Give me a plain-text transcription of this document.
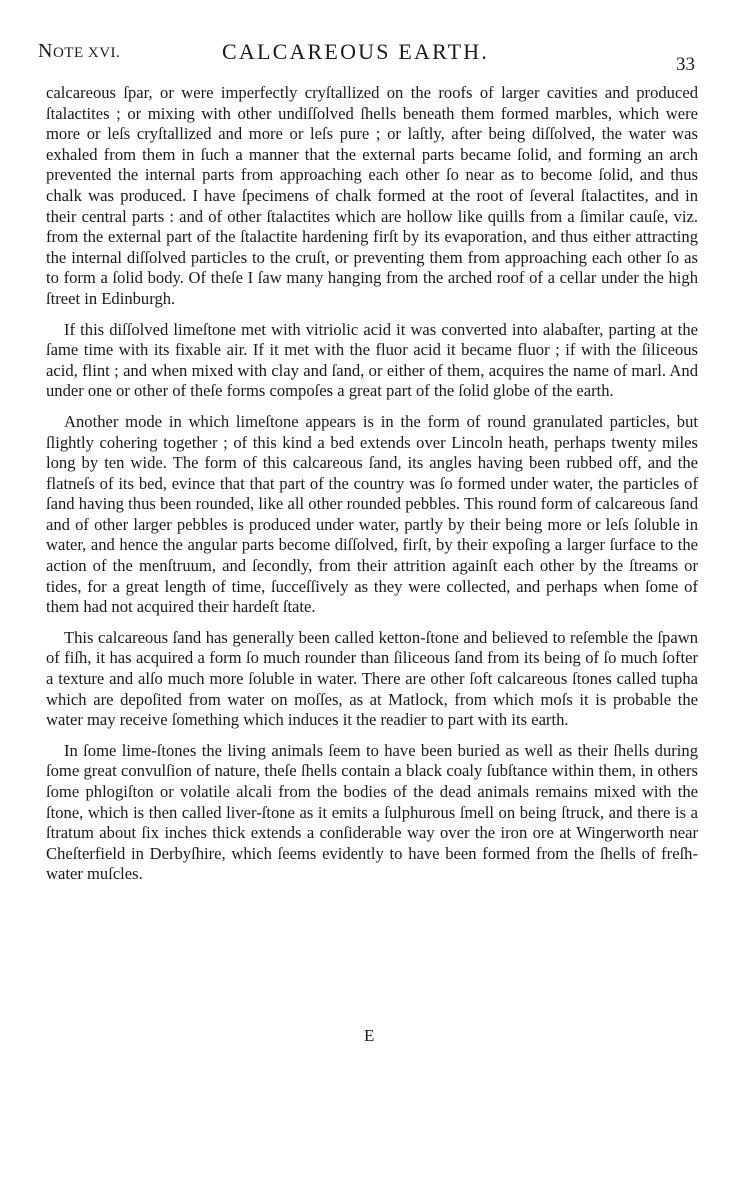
NOTE XVI.	CALCAREOUS EARTH.
33

calcareous ſpar, or were imperfectly cryſtallized on the roofs of larger cavities and produced ſtalactites ; or mixing with other undiſſolved ſhells beneath them formed marbles, which were more or leſs cryſtallized and more or leſs pure ; or laſtly, after being diſſolved, the water was exhaled from them in ſuch a manner that the external parts became ſolid, and forming an arch prevented the internal parts from approaching each other ſo near as to become ſolid, and thus chalk was produced. I have ſpecimens of chalk formed at the root of ſeveral ſtalactites, and in their central parts : and of other ſtalactites which are hollow like quills from a ſimilar cauſe, viz. from the external part of the ſtalactite hardening firſt by its evaporation, and thus either attracting the internal diſſolved particles to the cruſt, or preventing them from approaching each other ſo as to form a ſolid body. Of theſe I ſaw many hanging from the arched roof of a cellar under the high ſtreet in Edinburgh.

If this diſſolved limeſtone met with vitriolic acid it was converted into alabaſter, parting at the ſame time with its fixable air. If it met with the fluor acid it became fluor ; if with the ſiliceous acid, flint ; and when mixed with clay and ſand, or either of them, acquires the name of marl. And under one or other of theſe forms compoſes a great part of the ſolid globe of the earth.

Another mode in which limeſtone appears is in the form of round granulated particles, but ſlightly cohering together ; of this kind a bed extends over Lincoln heath, perhaps twenty miles long by ten wide. The form of this calcareous ſand, its angles having been rubbed off, and the flatneſs of its bed, evince that that part of the country was ſo formed under water, the particles of ſand having thus been rounded, like all other rounded pebbles. This round form of calcareous ſand and of other larger pebbles is produced under water, partly by their being more or leſs ſoluble in water, and hence the angular parts become diſſolved, firſt, by their expoſing a larger ſurface to the action of the menſtruum, and ſecondly, from their attrition againſt each other by the ſtreams or tides, for a great length of time, ſucceſſively as they were collected, and perhaps when ſome of them had not acquired their hardeſt ſtate.

This calcareous ſand has generally been called ketton-ſtone and believed to reſemble the ſpawn of fiſh, it has acquired a form ſo much rounder than ſiliceous ſand from its being of ſo much ſofter a texture and alſo much more ſoluble in water. There are other ſoft calcareous ſtones called tupha which are depoſited from water on moſſes, as at Matlock, from which moſs it is probable the water may receive ſomething which induces it the readier to part with its earth.

In ſome lime-ſtones the living animals ſeem to have been buried as well as their ſhells during ſome great convulſion of nature, theſe ſhells contain a black coaly ſubſtance within them, in others ſome phlogiſton or volatile alcali from the bodies of the dead animals remains mixed with the ſtone, which is then called liver-ſtone as it emits a ſulphurous ſmell on being ſtruck, and there is a ſtratum about ſix inches thick extends a conſiderable way over the iron ore at Wingerworth near Cheſterfield in Derbyſhire, which ſeems evidently to have been formed from the ſhells of freſh-water muſcles.

E
